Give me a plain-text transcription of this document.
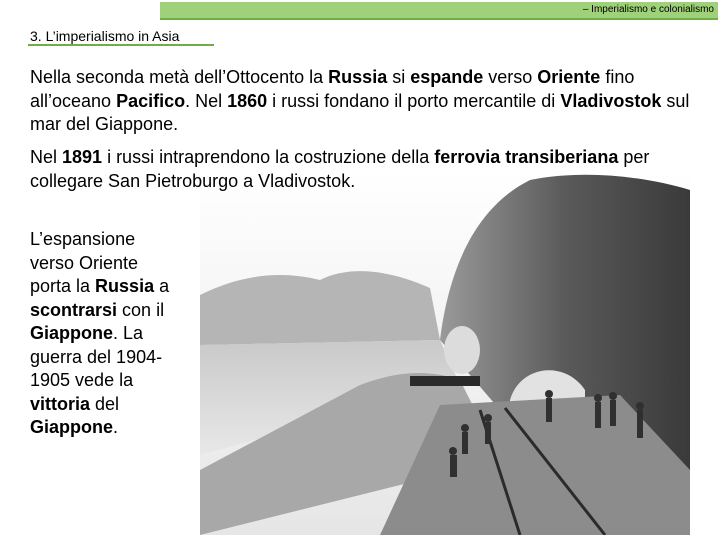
– Imperialismo e colonialismo
3. L’imperialismo in Asia

Nella seconda metà dell’Ottocento la Russia si espande verso Oriente fino all’oceano Pacifico. Nel 1860 i russi fondano il porto mercantile di Vladivostok sul mar del Giappone.

Nel 1891 i russi intraprendono la costruzione della ferrovia transiberiana per collegare San Pietroburgo a Vladivostok.

L’espansione verso Oriente porta la Russia a scontrarsi con il Giappone. La guerra del 1904-1905 vede la vittoria del Giappone.
